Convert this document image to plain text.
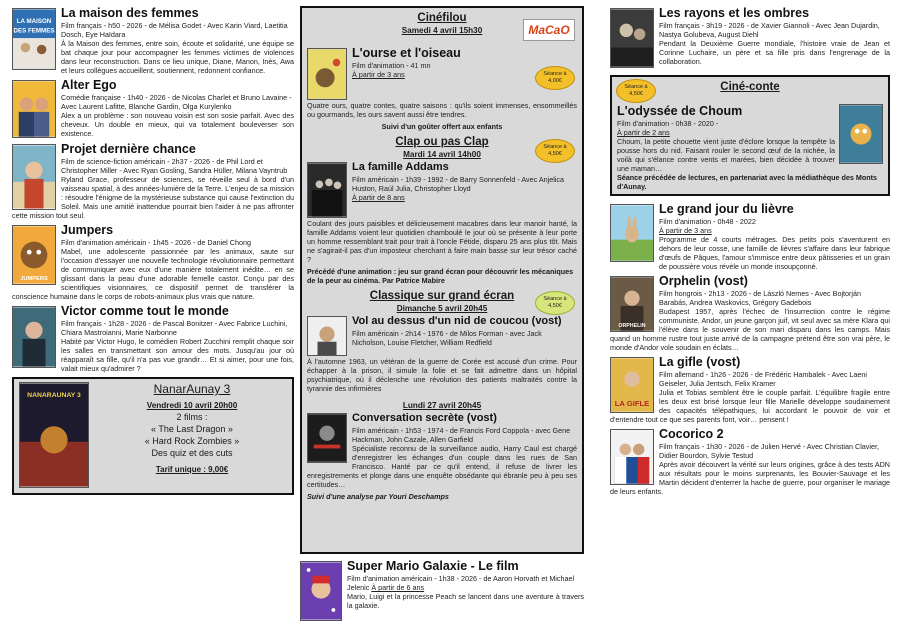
LA MAISON
DES FEMMES
La maison des femmes
Film français - h50 - 2026 - de Mélisa Godet - Avec Karin Viard, Laetitia Dosch, Eye Haïdara
À la Maison des femmes, entre soin, écoute et solidarité, une équipe se bat chaque jour pour accompagner les femmes victimes de violences dans leur reconstruction. Dans ce lieu unique, Diane, Manon, Inès, Awa et leurs collègues accueillent, soutiennent, redonnent confiance.
Alter Ego
Comédie française - 1h40 - 2026 - de Nicolas Charlet et Bruno Lavaine - Avec Laurent Lafitte, Blanche Gardin, Olga Kurylenko
Alex a un problème : son nouveau voisin est son sosie parfait. Avec des cheveux. Un double en mieux, qui va totalement bouleverser son existence.
Projet dernière chance
Film de science-fiction américain - 2h37 - 2026 - de Phil Lord et Christopher Miller - Avec Ryan Gosling, Sandra Hüller, Milana Vayntrub
Ryland Grace, professeur de sciences, se réveille seul à bord d'un vaisseau spatial, à des années-lumière de la Terre. L'enjeu de sa mission : résoudre l'énigme de la mystérieuse substance qui cause l'extinction du Soleil. Mais une amitié inattendue pourrait bien l'aider à ne pas affronter cette mission tout seul.
JUMPERS
Jumpers
Film d'animation américain - 1h45 - 2026 - de Daniel Chong
Mabel, une adolescente passionnée par les animaux, saute sur l'occasion d'essayer une nouvelle technologie révolutionnaire permettant de communiquer avec eux d'une manière totalement inédite… en se glissant dans la peau d'une adorable femelle castor. Conçu par des scientifiques visionnaires, ce dispositif permet de transférer la conscience humaine dans le corps de robots-animaux plus vrais que nature.
Victor comme tout le monde
Film français - 1h28 - 2026 - de Pascal Bonitzer - Avec Fabrice Luchini, Chiara Mastroianni, Marie Narbonne
Habité par Victor Hugo, le comédien Robert Zucchini remplit chaque soir les salles en transmettant son amour des mots. Jusqu'au jour où réapparaît sa fille, qu'il n'a pas vue grandir… Et si aimer, pour une fois, valait mieux qu'admirer ?
NANARAUNAY 3	NanarAunay 3
Vendredi 10 avril 20h00
2 films :
« The Last Dragon »
« Hard Rock Zombies »
Des quiz et des cuts
Tarif unique : 9,00€
Cinéfilou
Samedi 4 avril 15h30	MaCaO
Séance à 4,00€
L'ourse et l'oiseau
Film d'animation - 41 mn
À partir de 3 ans
Quatre ours, quatre contes, quatre saisons : qu'ils soient immenses, ensommeillés ou gourmands, les ours savent aussi être tendres.
Suivi d'un goûter offert aux enfants
Clap ou pas Clap
Mardi 14 avril 14h00
Séance à 4,50€
La famille Addams
Film américain - 1h39 - 1992 - de Barry Sonnenfeld - Avec Anjelica Huston, Raúl Julia, Christopher Lloyd
À partir de 8 ans
Coulant des jours paisibles et délicieusement macabres dans leur manoir hanté, la famille Addams voient leur quotidien chamboulé le jour où se présente à leur porte un homme ressemblant trait pour trait à l'oncle Fétide, disparu 25 ans plus tôt. Mais ne s'agirait-il pas d'un imposteur cherchant à faire main basse sur leur trésor caché ?
Précédé d'une animation : jeu sur grand écran pour découvrir les mécaniques de la peur au cinéma. Par Patrice Mabire
Classique sur grand écran
Dimanche 5 avril 20h45
Séance à 4,50€
Vol au dessus d'un nid de coucou (vost)
Film américain - 2h14 - 1976 - de Milos Forman - avec Jack Nicholson, Louise Fletcher, William Redfield
À l'automne 1963, un vétéran de la guerre de Corée est accusé d'un crime. Pour échapper à la prison, il simule la folie et se fait admettre dans un hôpital psychiatrique, où il déclenche une révolution des patients maltraités contre la tyrannie des infirmières
Lundi 27 avril 20h45
Conversation secrète (vost)
Film américain - 1h53 - 1974 - de Francis Ford Coppola - avec Gene Hackman, John Cazale, Allen Garfield
Spécialiste reconnu de la surveillance audio, Harry Caul est chargé d'enregistrer les échanges d'un couple dans les rues de San Francisco. Hanté par ce qu'il entend, il refuse de livrer les enregistrements et plonge dans une enquête obsédante qui ébranle peu à peu ses certitudes…
Suivi d'une analyse par Youri Deschamps
Super Mario Galaxie - Le film
Film d'animation américain - 1h38 - 2026 - de Aaron Horvath et Michael Jelenic À partir de 6 ans
Mario, Luigi et la princesse Peach se lancent dans une aventure à travers la galaxie.
Les rayons et les ombres
Film français - 3h19 - 2026 - de Xavier Giannoli - Avec Jean Dujardin, Nastya Golubeva, August Diehl
Pendant la Deuxième Guerre mondiale, l'histoire vraie de Jean et Corinne Luchaire, un père et sa fille pris dans l'engrenage de la collaboration.
Séance à 4,50€
Ciné-conte
L'odyssée de Choum
Film d'animation - 0h38 - 2020 -
À partir de 2 ans
Choum, la petite chouette vient juste d'éclore lorsque la tempête la pousse hors du nid. Faisant rouler le second œuf de la nichée, la voilà qui s'élance contre vents et marées, bien décidée à trouver une maman…
Séance précédée de lectures, en partenariat avec la médiathèque des Monts d'Aunay.
Le grand jour du lièvre
Film d'animation - 0h48 - 2022
À partir de 3 ans
Programme de 4 courts métrages. Des petits pois s'aventurent en dehors de leur cosse, une famille de lièvres s'affaire dans leur fabrique d'œufs de Pâques, l'amour s'immisce entre deux pâtisseries et un grain de poussière vous révèle un monde insoupçonné.
ORPHELIN
Orphelin (vost)
Film hongrois - 2h13 - 2026 - de László Nemes - Avec Bojtorján Barabás, Andrea Waskovics, Grégory Gadebois
Budapest 1957, après l'échec de l'insurrection contre le régime communiste. Andor, un jeune garçon juif, vit seul avec sa mère Klara qui l'élève dans le souvenir de son mari disparu dans les camps. Mais quand un homme rustre tout juste arrivé de la campagne prétend être son vrai père, le monde d'Andor vole soudain en éclats…
LA GIFLE
La gifle (vost)
Film allemand - 1h26 - 2026 - de Frédéric Hambalek - Avec Laeni Geiseler, Julia Jentsch, Felix Kramer
Julia et Tobias semblent être le couple parfait. L'équilibre fragile entre les deux est brisé lorsque leur fille Marielle développe soudainement des capacités télépathiques, lui accordant le pouvoir de voir et d'entendre tout ce que ses parents font, voir… pensent !
Cocorico 2
Film français - 1h30 - 2026 - de Julien Hervé - Avec Christian Clavier, Didier Bourdon, Sylvie Testud
Après avoir découvert la vérité sur leurs origines, grâce à des tests ADN aux résultats pour le moins surprenants, les Bouvier-Sauvage et les Martin décident d'enterrer la hache de guerre, pour organiser le mariage de leurs enfants.
